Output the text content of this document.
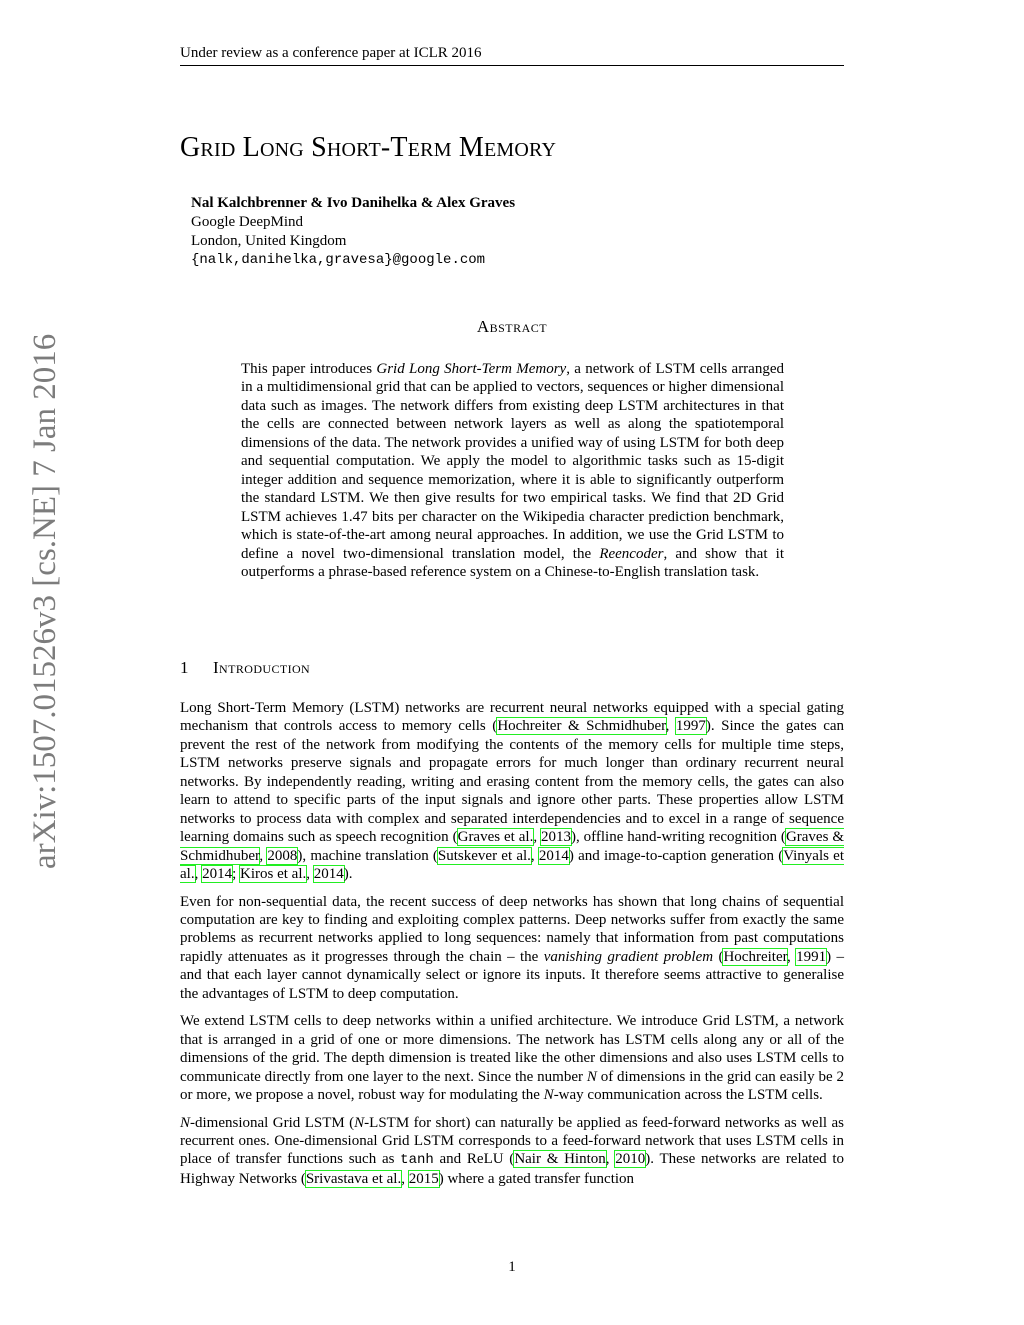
Under review as a conference paper at ICLR 2016
arXiv:1507.01526v3 [cs.NE] 7 Jan 2016
Grid Long Short-Term Memory
Nal Kalchbrenner & Ivo Danihelka & Alex Graves
Google DeepMind
London, United Kingdom
{nalk,danihelka,gravesa}@google.com
Abstract

This paper introduces Grid Long Short-Term Memory, a network of LSTM cells arranged in a multidimensional grid that can be applied to vectors, sequences or higher dimensional data such as images. The network differs from existing deep LSTM architectures in that the cells are connected between network layers as well as along the spatiotemporal dimensions of the data. The network provides a unified way of using LSTM for both deep and sequential computation. We apply the model to algorithmic tasks such as 15-digit integer addition and sequence memorization, where it is able to significantly outperform the standard LSTM. We then give results for two empirical tasks. We find that 2D Grid LSTM achieves 1.47 bits per character on the Wikipedia character prediction benchmark, which is state-of-the-art among neural approaches. In addition, we use the Grid LSTM to define a novel two-dimensional translation model, the Reencoder, and show that it outperforms a phrase-based reference system on a Chinese-to-English translation task.

1 Introduction

Long Short-Term Memory (LSTM) networks are recurrent neural networks equipped with a special gating mechanism that controls access to memory cells (Hochreiter & Schmidhuber, 1997). Since the gates can prevent the rest of the network from modifying the contents of the memory cells for multiple time steps, LSTM networks preserve signals and propagate errors for much longer than ordinary recurrent neural networks. By independently reading, writing and erasing content from the memory cells, the gates can also learn to attend to specific parts of the input signals and ignore other parts. These properties allow LSTM networks to process data with complex and separated interdependencies and to excel in a range of sequence learning domains such as speech recognition (Graves et al., 2013), offline hand-writing recognition (Graves & Schmidhuber, 2008), machine translation (Sutskever et al., 2014) and image-to-caption generation (Vinyals et al., 2014; Kiros et al., 2014).

Even for non-sequential data, the recent success of deep networks has shown that long chains of sequential computation are key to finding and exploiting complex patterns. Deep networks suffer from exactly the same problems as recurrent networks applied to long sequences: namely that information from past computations rapidly attenuates as it progresses through the chain – the vanishing gradient problem (Hochreiter, 1991) – and that each layer cannot dynamically select or ignore its inputs. It therefore seems attractive to generalise the advantages of LSTM to deep computation.

We extend LSTM cells to deep networks within a unified architecture. We introduce Grid LSTM, a network that is arranged in a grid of one or more dimensions. The network has LSTM cells along any or all of the dimensions of the grid. The depth dimension is treated like the other dimensions and also uses LSTM cells to communicate directly from one layer to the next. Since the number N of dimensions in the grid can easily be 2 or more, we propose a novel, robust way for modulating the N-way communication across the LSTM cells.

N-dimensional Grid LSTM (N-LSTM for short) can naturally be applied as feed-forward networks as well as recurrent ones. One-dimensional Grid LSTM corresponds to a feed-forward network that uses LSTM cells in place of transfer functions such as tanh and ReLU (Nair & Hinton, 2010). These networks are related to Highway Networks (Srivastava et al., 2015) where a gated transfer function

1
